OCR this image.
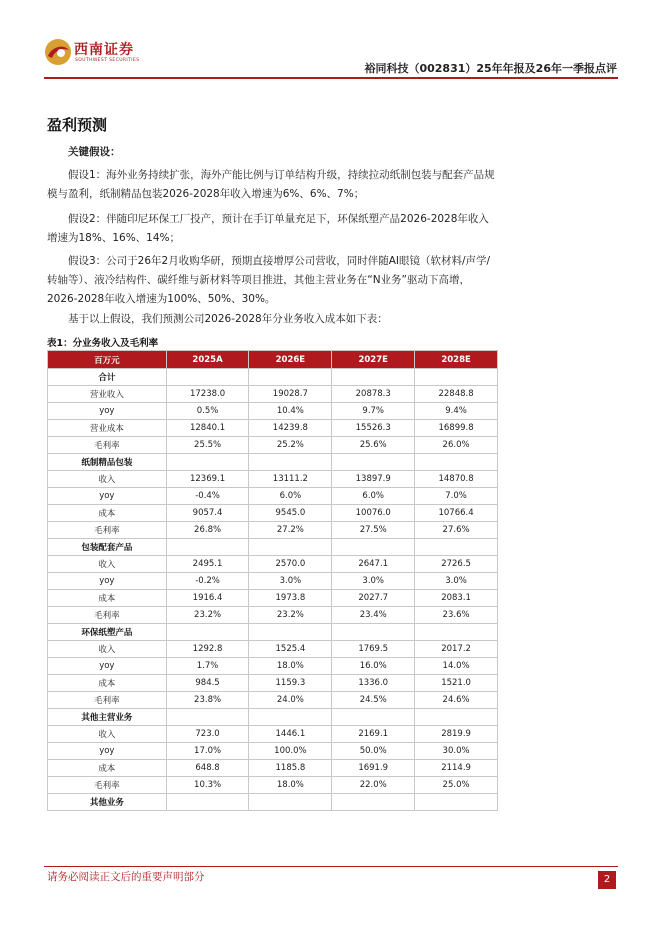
西南证券
SOUTHWEST SECURITIES
裕同科技（002831）25年年报及26年一季报点评
盈利预测
关键假设：
假设1：海外业务持续扩张，海外产能比例与订单结构升级，持续拉动纸制包装与配套产品规模与盈利，纸制精品包装2026-2028年收入增速为6%、6%、7%；
假设2：伴随印尼环保工厂投产，预计在手订单量充足下，环保纸塑产品2026-2028年收入增速为18%、16%、14%；
假设3：公司于26年2月收购华研，预期直接增厚公司营收，同时伴随AI眼镜（软材料/声学/转轴等）、液冷结构件、碳纤维与新材料等项目推进，其他主营业务在“N业务”驱动下高增，2026-2028年收入增速为100%、50%、30%。
基于以上假设，我们预测公司2026-2028年分业务收入成本如下表：
表1：分业务收入及毛利率
百万元	2025A	2026E	2027E	2028E
合计				
营业收入	17238.0	19028.7	20878.3	22848.8
yoy	0.5%	10.4%	9.7%	9.4%
营业成本	12840.1	14239.8	15526.3	16899.8
毛利率	25.5%	25.2%	25.6%	26.0%
纸制精品包装				
收入	12369.1	13111.2	13897.9	14870.8
yoy	-0.4%	6.0%	6.0%	7.0%
成本	9057.4	9545.0	10076.0	10766.4
毛利率	26.8%	27.2%	27.5%	27.6%
包装配套产品				
收入	2495.1	2570.0	2647.1	2726.5
yoy	-0.2%	3.0%	3.0%	3.0%
成本	1916.4	1973.8	2027.7	2083.1
毛利率	23.2%	23.2%	23.4%	23.6%
环保纸塑产品				
收入	1292.8	1525.4	1769.5	2017.2
yoy	1.7%	18.0%	16.0%	14.0%
成本	984.5	1159.3	1336.0	1521.0
毛利率	23.8%	24.0%	24.5%	24.6%
其他主营业务				
收入	723.0	1446.1	2169.1	2819.9
yoy	17.0%	100.0%	50.0%	30.0%
成本	648.8	1185.8	1691.9	2114.9
毛利率	10.3%	18.0%	22.0%	25.0%
其他业务				
请务必阅读正文后的重要声明部分	2
